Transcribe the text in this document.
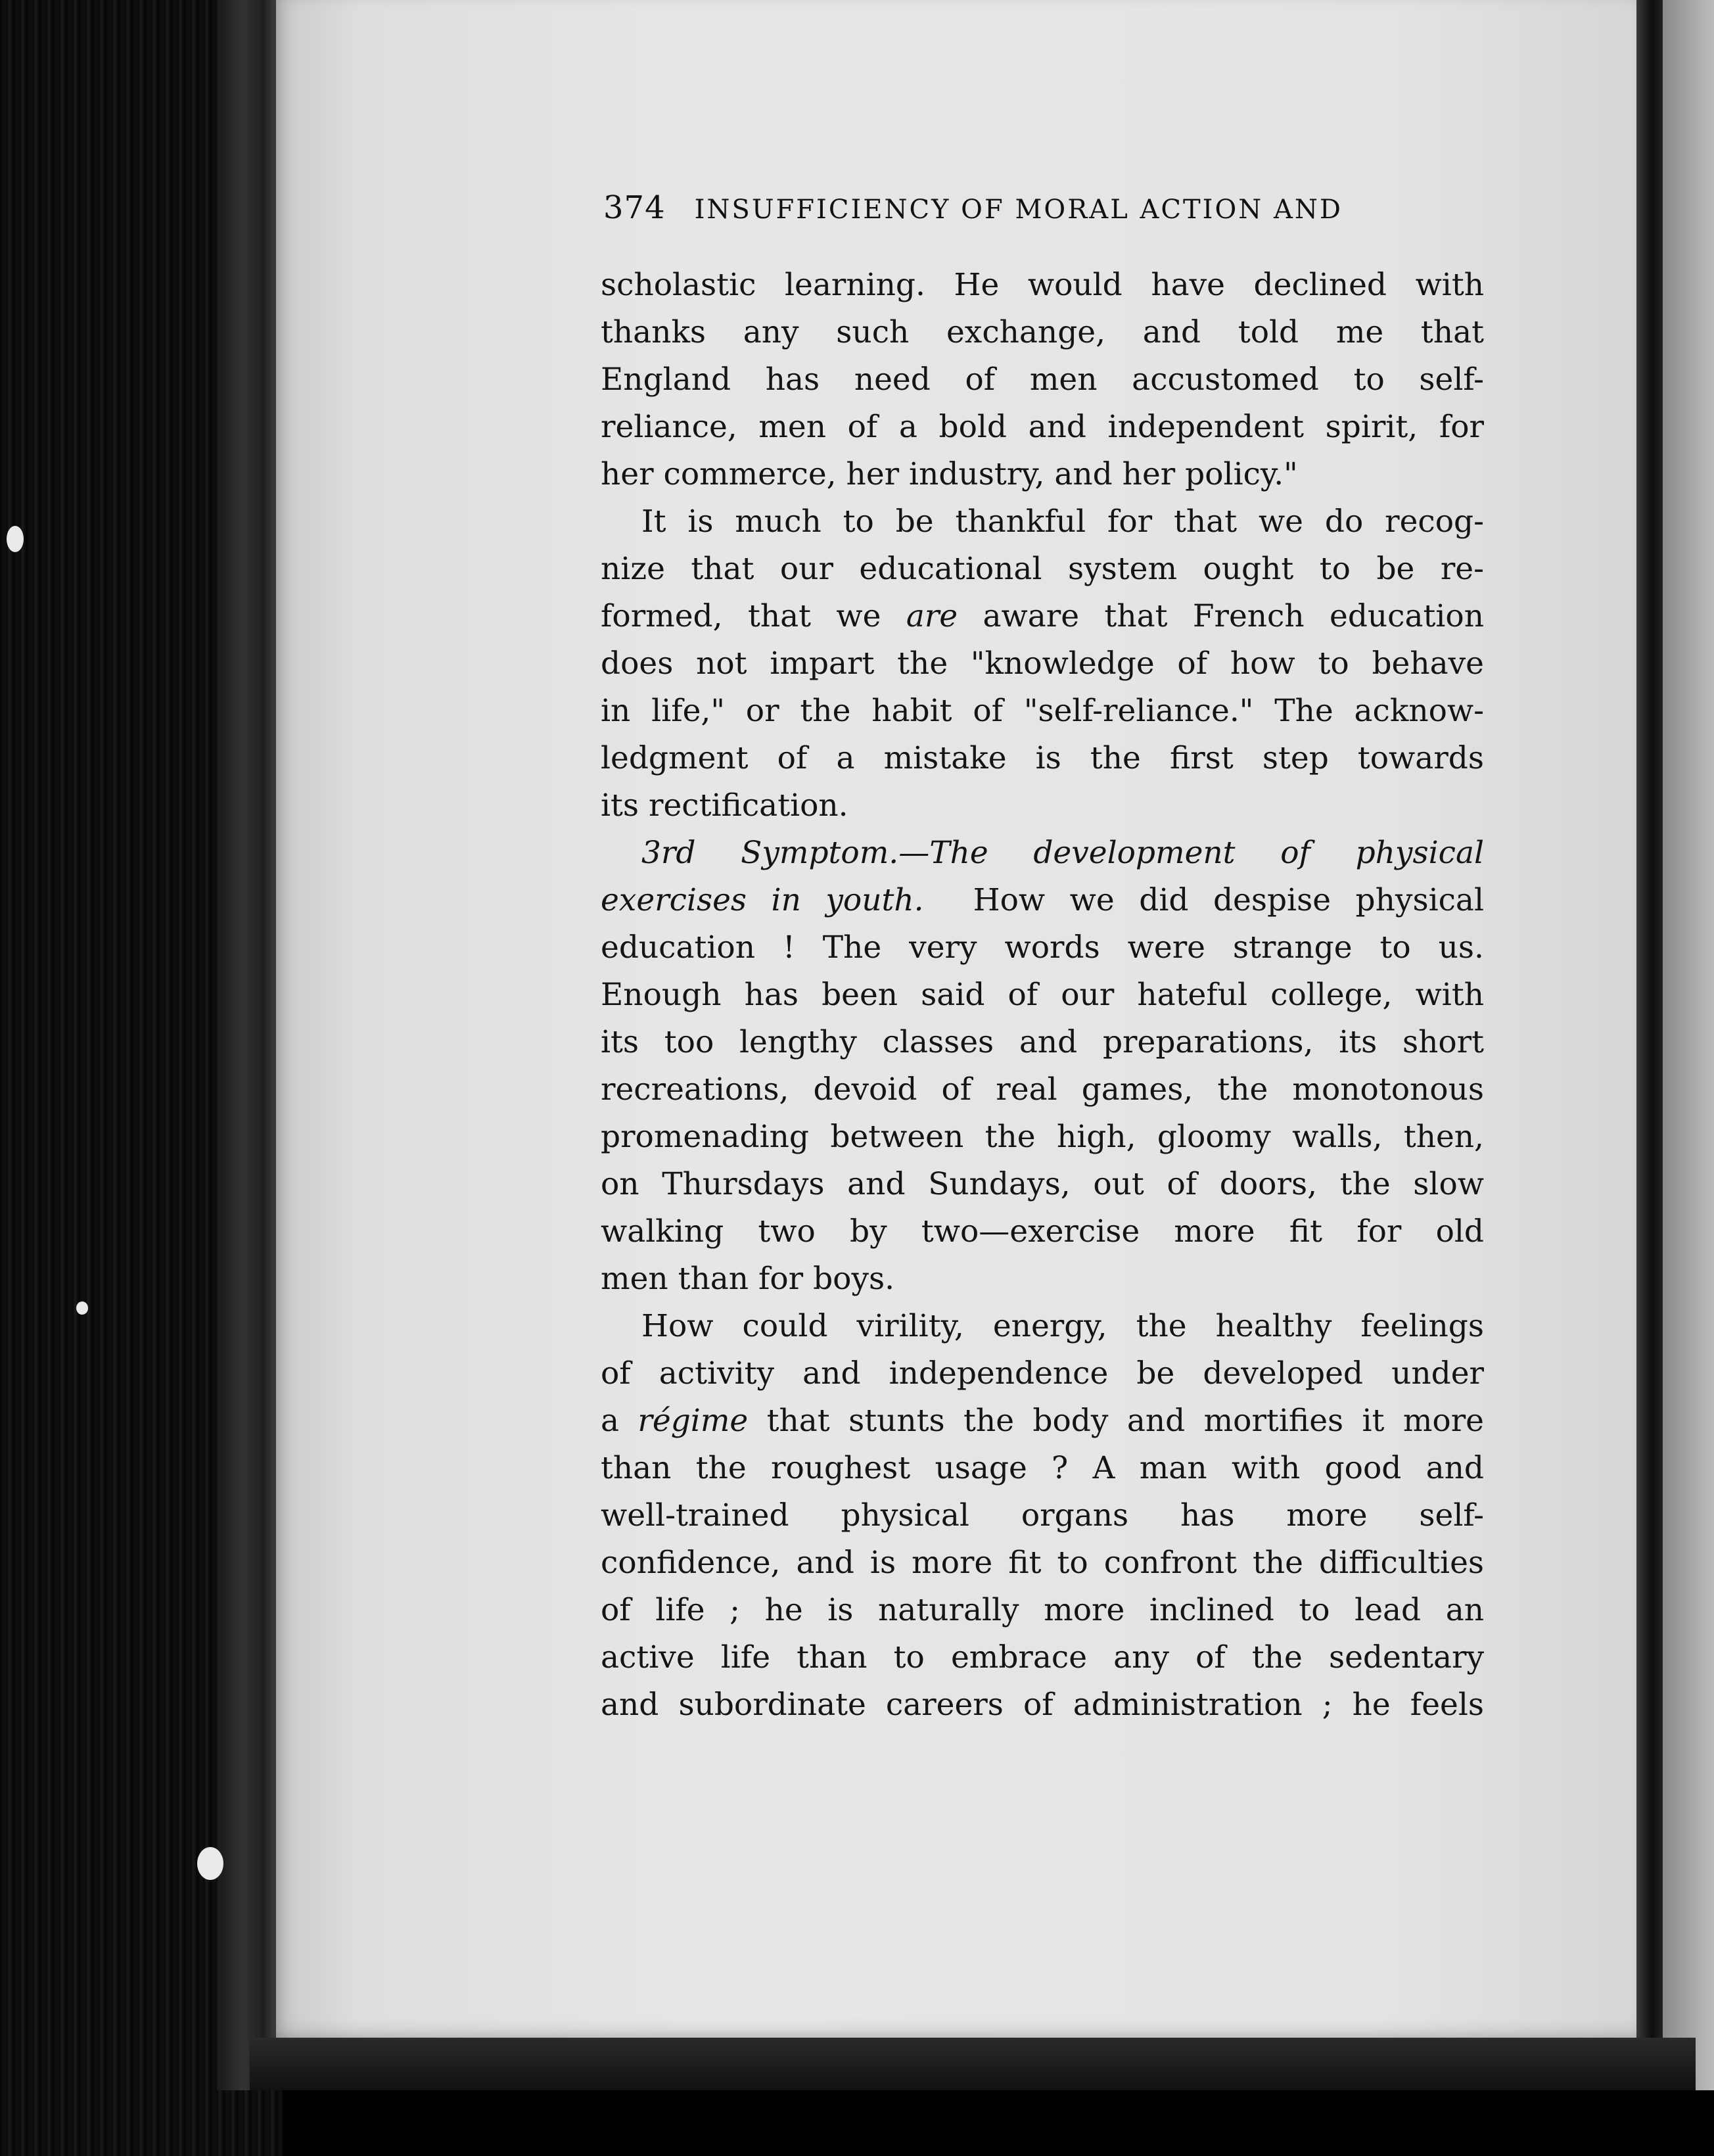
374 INSUFFICIENCY OF MORAL ACTION AND

scholastic learning. He would have declined with
thanks any such exchange, and told me that
England has need of men accustomed to self-
reliance, men of a bold and independent spirit, for
her commerce, her industry, and her policy."

It is much to be thankful for that we do recog-
nize that our educational system ought to be re-
formed, that we are aware that French education
does not impart the "knowledge of how to behave
in life," or the habit of "self-reliance." The acknow-
ledgment of a mistake is the first step towards
its rectification.

3rd Symptom.—The development of physical
exercises in youth. How we did despise physical
education ! The very words were strange to us.
Enough has been said of our hateful college, with
its too lengthy classes and preparations, its short
recreations, devoid of real games, the monotonous
promenading between the high, gloomy walls, then,
on Thursdays and Sundays, out of doors, the slow
walking two by two—exercise more fit for old
men than for boys.

How could virility, energy, the healthy feelings
of activity and independence be developed under
a régime that stunts the body and mortifies it more
than the roughest usage ? A man with good and
well-trained physical organs has more self-
confidence, and is more fit to confront the difficulties
of life ; he is naturally more inclined to lead an
active life than to embrace any of the sedentary
and subordinate careers of administration ; he feels
